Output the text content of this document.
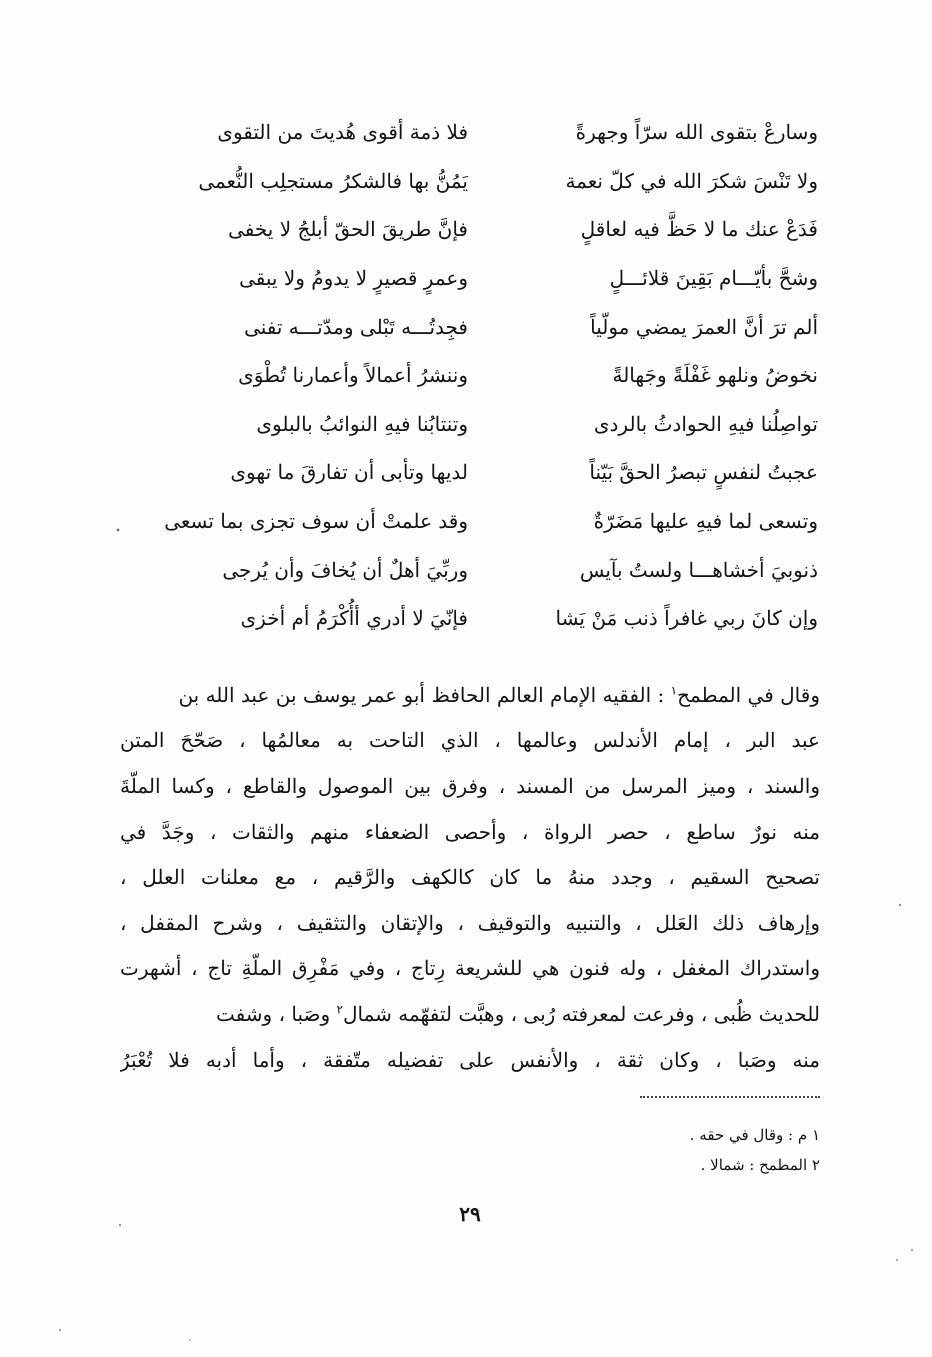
وسارعْ بتقوى الله سرّاً وجهرةً
فلا ذمة أقوى هُديتَ من التقوى
ولا تَنْسَ شكرَ الله في كلّ نعمة
يَمُنُّ بها فالشكرُ مستجلِب النُّعمى
فَدَعْ عنك ما لا حَظَّ فيه لعاقلٍ
فإنَّ طريقَ الحقّ أبلجُ لا يخفى
وشحَّ بأيّـــام بَقِينَ قلائـــلٍ
وعمرٍ قصيرٍ لا يدومُ ولا يبقى
ألم ترَ أنَّ العمرَ يمضي مولّياً
فجِدتُـــه تَبْلى ومدّتـــه تفنى
نخوضُ ونلهو غَفْلَةً وجَهالةً
وننشرُ أعمالاً وأعمارنا تُطْوَى
تواصِلُنا فيهِ الحوادثُ بالردى
وتنتابُنا فيهِ النوائبُ بالبلوى
عجبتُ لنفسٍ تبصرُ الحقَّ بَيّناً
لديها وتأبى أن تفارقَ ما تهوى
وتسعى لما فيهِ عليها مَضَرّةٌ
وقد علمتْ أن سوف تجزى بما تسعى
ذنوبيَ أخشاهـــا ولستُ بآيس
وربِّيَ أهلٌ أن يُخافَ وأن يُرجى
وإن كانَ ربي غافراً ذنب مَنْ يَشا
فإنّيَ لا أدري أأُكْرَمُ أم أخزى
وقال في المطمح$^١$ : الفقيه الإمام العالم الحافظ أبو عمر يوسف بن عبد الله بن
عبد البر ، إمام الأندلس وعالمها ، الذي التاحت به معالمُها ، صَحّحَ المتن
والسند ، وميز المرسل من المسند ، وفرق بين الموصول والقاطع ، وكسا الملّةَ
منه نورٌ ساطع ، حصر الرواة ، وأحصى الضعفاء منهم والثقات ، وجَدَّ في
تصحيح السقيم ، وجدد منهُ ما كان كالكهف والرَّقيم ، مع معلنات العلل ،
وإرهاف ذلك العَلل ، والتنبيه والتوقيف ، والإتقان والتثقيف ، وشرح المقفل ،
واستدراك المغفل ، وله فنون هي للشريعة رِتاج ، وفي مَفْرِق الملّةِ تاج ، أشهرت
للحديث ظُبى ، وفرعت لمعرفته رُبى ، وهبَّت لتفهّمه شمال$^٢$ وصَبا ، وشفت
منه وصَبا ، وكان ثقة ، والأنفس على تفضيله متّفقة ، وأما أدبه فلا تُعْبَرُ
١ م : وقال في حقه .
٢ المطمح : شمالا .
٢٩
